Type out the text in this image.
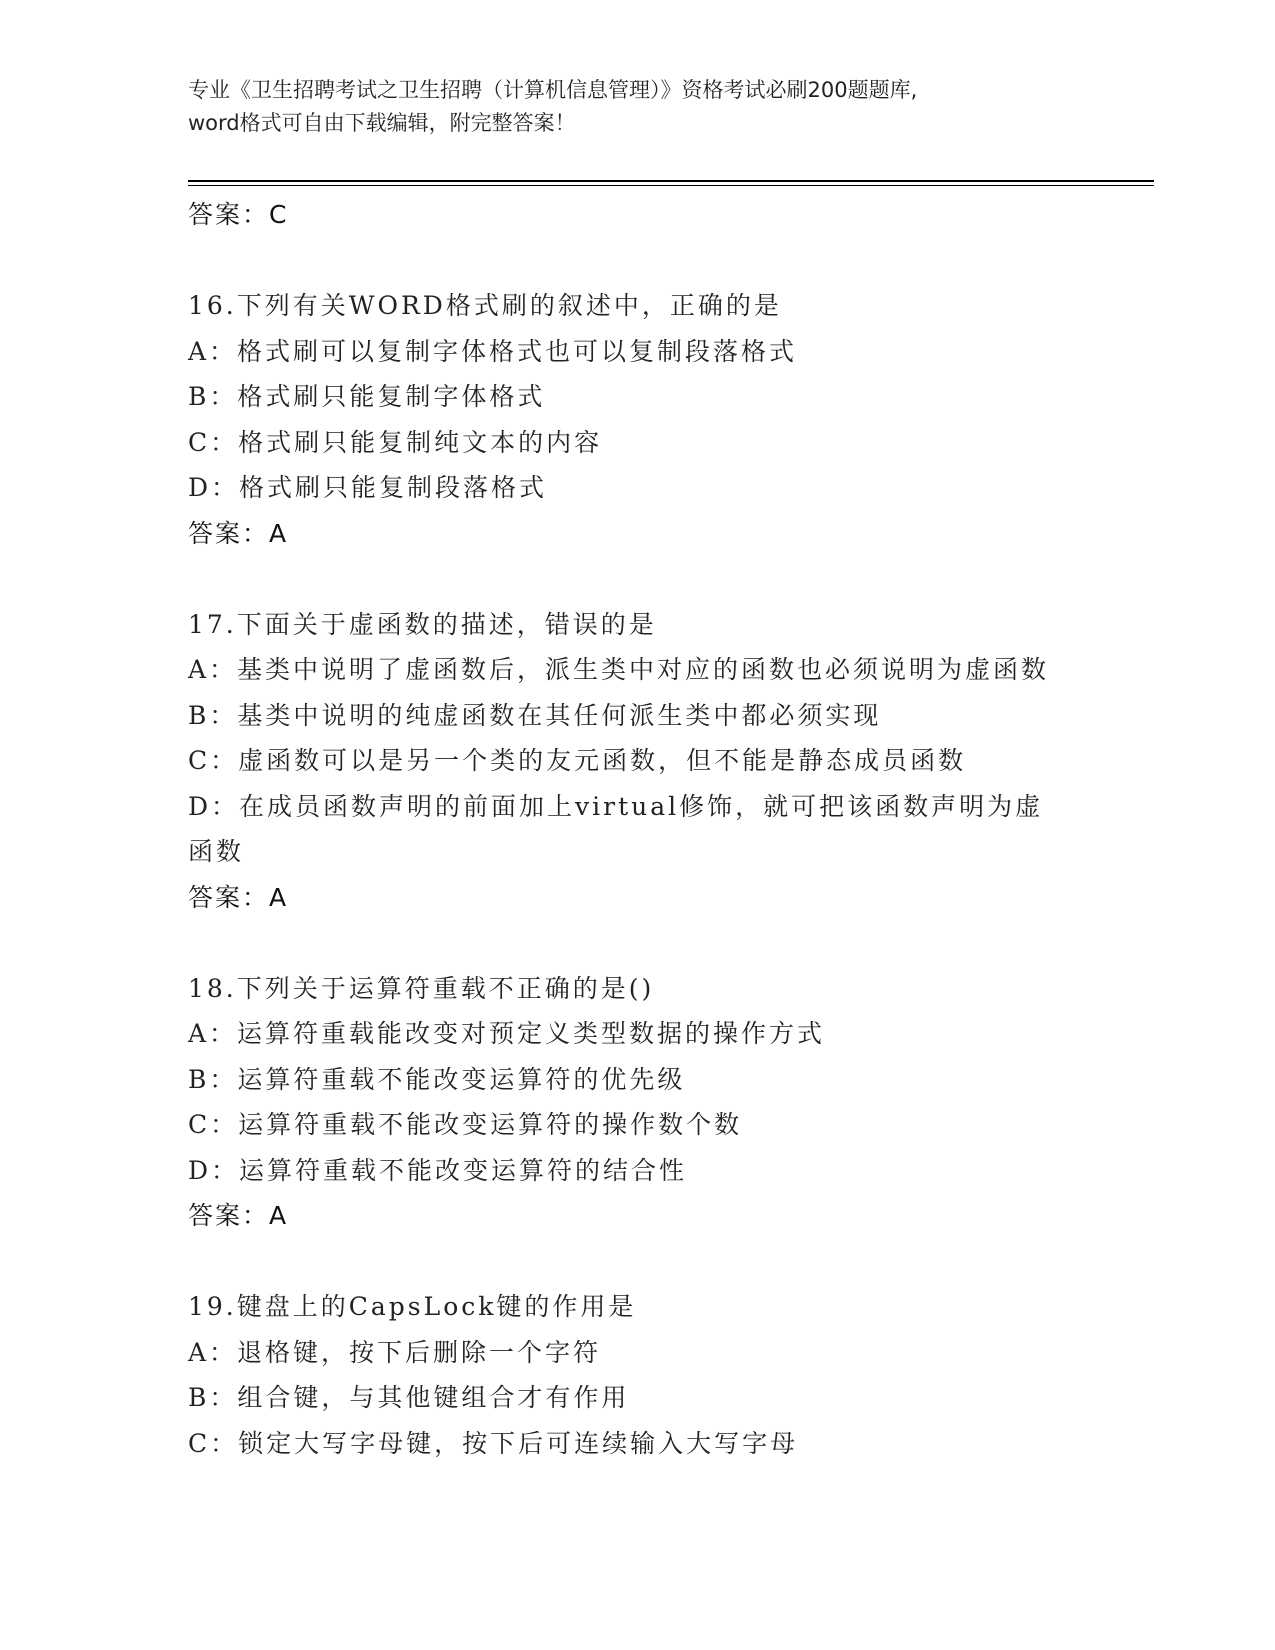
专业《卫生招聘考试之卫生招聘（计算机信息管理）》资格考试必刷200题题库,
word格式可自由下载编辑，附完整答案！
答案：C
16.下列有关WORD格式刷的叙述中，正确的是
A：格式刷可以复制字体格式也可以复制段落格式
B：格式刷只能复制字体格式
C：格式刷只能复制纯文本的内容
D：格式刷只能复制段落格式
答案：A
17.下面关于虚函数的描述，错误的是
A：基类中说明了虚函数后，派生类中对应的函数也必须说明为虚函数
B：基类中说明的纯虚函数在其任何派生类中都必须实现
C：虚函数可以是另一个类的友元函数，但不能是静态成员函数
D：在成员函数声明的前面加上virtual修饰，就可把该函数声明为虚函数
答案：A
18.下列关于运算符重载不正确的是()
A：运算符重载能改变对预定义类型数据的操作方式
B：运算符重载不能改变运算符的优先级
C：运算符重载不能改变运算符的操作数个数
D：运算符重载不能改变运算符的结合性
答案：A
19.键盘上的CapsLock键的作用是
A：退格键，按下后删除一个字符
B：组合键，与其他键组合才有作用
C：锁定大写字母键，按下后可连续输入大写字母
